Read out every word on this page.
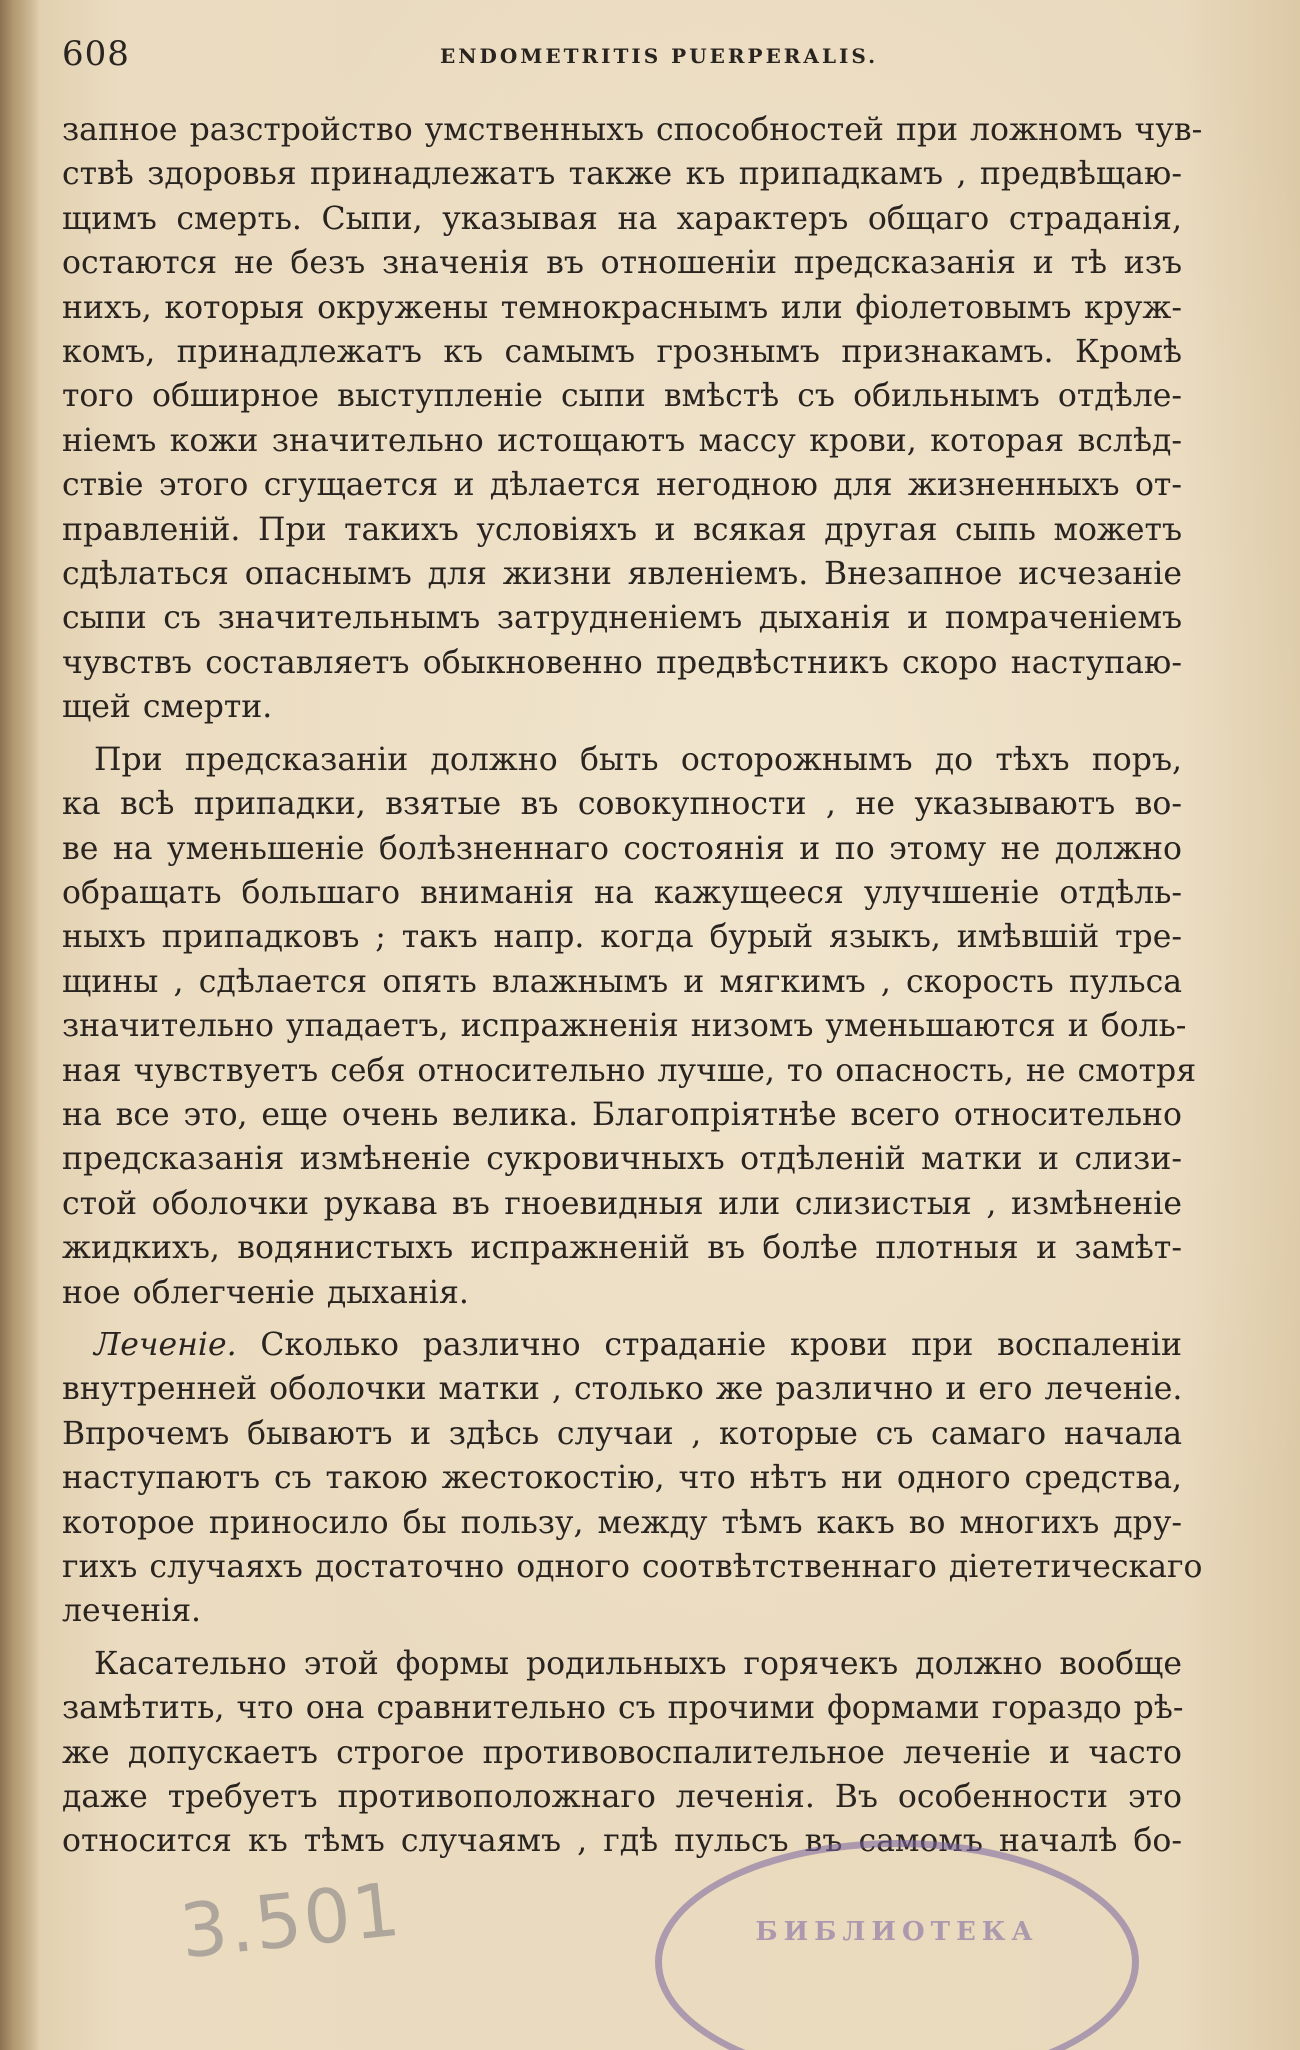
608	ENDOMETRITIS PUERPERALIS.
запное разстройство умственныхъ способностей при ложномъ чув-
ствѣ здоровья принадлежатъ также къ припадкамъ , предвѣщаю-
щимъ смерть. Сыпи, указывая на характеръ общаго страданія,
остаются не безъ значенія въ отношеніи предсказанія и тѣ изъ
нихъ, которыя окружены темнокраснымъ или фіолетовымъ круж-
комъ, принадлежатъ къ самымъ грознымъ признакамъ. Кромѣ
того обширное выступленіе сыпи вмѣстѣ съ обильнымъ отдѣле-
ніемъ кожи значительно истощаютъ массу крови, которая вслѣд-
ствіе этого сгущается и дѣлается негодною для жизненныхъ от-
правленій. При такихъ условіяхъ и всякая другая сыпь можетъ
сдѣлаться опаснымъ для жизни явленіемъ. Внезапное исчезаніе
сыпи съ значительнымъ затрудненіемъ дыханія и помраченіемъ
чувствъ составляетъ обыкновенно предвѣстникъ скоро наступаю-
щей смерти.
При предсказаніи должно быть осторожнымъ до тѣхъ поръ,
ка всѣ припадки, взятые въ совокупности , не указываютъ во-
ве на уменьшеніе болѣзненнаго состоянія и по этому не должно
обращать большаго вниманія на кажущееся улучшеніе отдѣль-
ныхъ припадковъ ; такъ напр. когда бурый языкъ, имѣвшій тре-
щины , сдѣлается опять влажнымъ и мягкимъ , скорость пульса
значительно упадаетъ, испражненія низомъ уменьшаются и боль-
ная чувствуетъ себя относительно лучше, то опасность, не смотря
на все это, еще очень велика. Благопріятнѣе всего относительно
предсказанія измѣненіе сукровичныхъ отдѣленій матки и слизи-
стой оболочки рукава въ гноевидныя или слизистыя , измѣненіе
жидкихъ, водянистыхъ испражненій въ болѣе плотныя и замѣт-
ное облегченіе дыханія.
Леченіе. Сколько различно страданіе крови при воспаленіи
внутренней оболочки матки , столько же различно и его леченіе.
Впрочемъ бываютъ и здѣсь случаи , которые съ самаго начала
наступаютъ съ такою жестокостію, что нѣтъ ни одного средства,
которое приносило бы пользу, между тѣмъ какъ во многихъ дру-
гихъ случаяхъ достаточно одного соотвѣтственнаго діететическаго
леченія.
Касательно этой формы родильныхъ горячекъ должно вообще
замѣтить, что она сравнительно съ прочими формами гораздо рѣ-
же допускаетъ строгое противовоспалительное леченіе и часто
даже требуетъ противоположнаго леченія. Въ особенности это
относится къ тѣмъ случаямъ , гдѣ пульсъ въ самомъ началѣ бо-
БИБЛИОТЕКА
3.501
